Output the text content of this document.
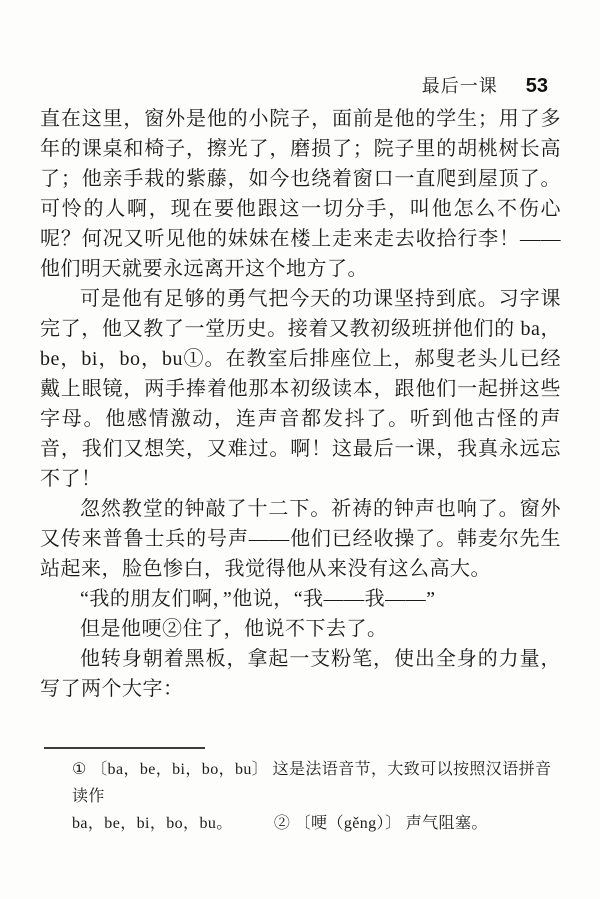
最后一课 53
直在这里，窗外是他的小院子，面前是他的学生；用了多
年的课桌和椅子，擦光了，磨损了；院子里的胡桃树长高
了；他亲手栽的紫藤，如今也绕着窗口一直爬到屋顶了。
可怜的人啊，现在要他跟这一切分手，叫他怎么不伤心
呢？何况又听见他的妹妹在楼上走来走去收拾行李！——
他们明天就要永远离开这个地方了。
可是他有足够的勇气把今天的功课坚持到底。习字课
完了，他又教了一堂历史。接着又教初级班拼他们的 ba，
be，bi，bo，bu①。在教室后排座位上，郝叟老头儿已经
戴上眼镜，两手捧着他那本初级读本，跟他们一起拼这些
字母。他感情激动，连声音都发抖了。听到他古怪的声
音，我们又想笑，又难过。啊！这最后一课，我真永远忘
不了！
忽然教堂的钟敲了十二下。祈祷的钟声也响了。窗外
又传来普鲁士兵的号声——他们已经收操了。韩麦尔先生
站起来，脸色惨白，我觉得他从来没有这么高大。
“我的朋友们啊，”他说，“我——我——”
但是他哽②住了，他说不下去了。
他转身朝着黑板，拿起一支粉笔，使出全身的力量，
写了两个大字：
① 〔ba，be，bi，bo，bu〕 这是法语音节，大致可以按照汉语拼音读作
ba，be，bi，bo，bu。　　　② 〔哽（gěng）〕 声气阻塞。
